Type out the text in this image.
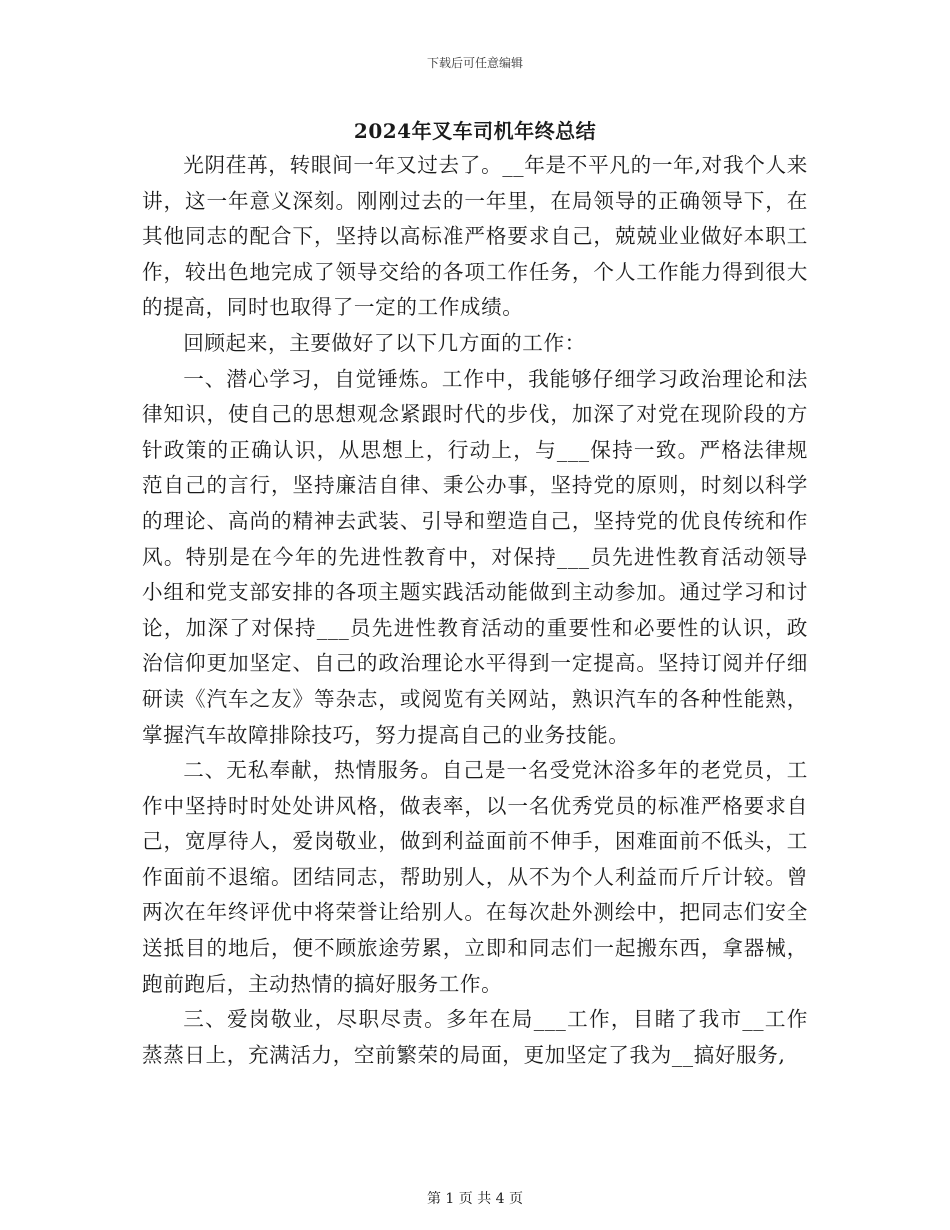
下载后可任意编辑
2024年叉车司机年终总结

光阴荏苒，转眼间一年又过去了。__年是不平凡的一年,对我个人来讲，这一年意义深刻。刚刚过去的一年里，在局领导的正确领导下，在其他同志的配合下，坚持以高标准严格要求自己，兢兢业业做好本职工作，较出色地完成了领导交给的各项工作任务，个人工作能力得到很大的提高，同时也取得了一定的工作成绩。

回顾起来，主要做好了以下几方面的工作：

一、潜心学习，自觉锤炼。工作中，我能够仔细学习政治理论和法律知识，使自己的思想观念紧跟时代的步伐，加深了对党在现阶段的方针政策的正确认识，从思想上，行动上，与___保持一致。严格法律规范自己的言行，坚持廉洁自律、秉公办事，坚持党的原则，时刻以科学的理论、高尚的精神去武装、引导和塑造自己，坚持党的优良传统和作风。特别是在今年的先进性教育中，对保持___员先进性教育活动领导小组和党支部安排的各项主题实践活动能做到主动参加。通过学习和讨论，加深了对保持___员先进性教育活动的重要性和必要性的认识，政治信仰更加坚定、自己的政治理论水平得到一定提高。坚持订阅并仔细研读《汽车之友》等杂志，或阅览有关网站，熟识汽车的各种性能熟，掌握汽车故障排除技巧，努力提高自己的业务技能。

二、无私奉献，热情服务。自己是一名受党沐浴多年的老党员，工作中坚持时时处处讲风格，做表率，以一名优秀党员的标准严格要求自己，宽厚待人，爱岗敬业，做到利益面前不伸手，困难面前不低头，工作面前不退缩。团结同志，帮助别人，从不为个人利益而斤斤计较。曾两次在年终评优中将荣誉让给别人。在每次赴外测绘中，把同志们安全送抵目的地后，便不顾旅途劳累，立即和同志们一起搬东西，拿器械，跑前跑后，主动热情的搞好服务工作。

三、爱岗敬业，尽职尽责。多年在局___工作，目睹了我市__工作蒸蒸日上，充满活力，空前繁荣的局面，更加坚定了我为__搞好服务,

第 1 页 共 4 页
